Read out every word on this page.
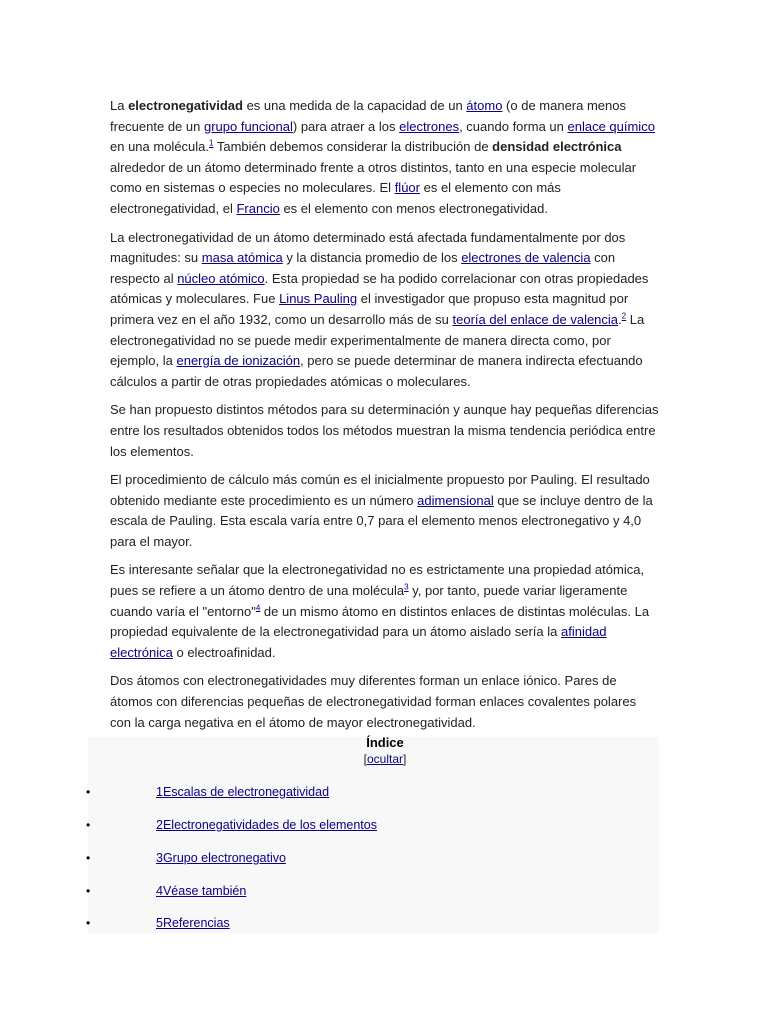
La electronegatividad es una medida de la capacidad de un átomo (o de manera menos frecuente de un grupo funcional) para atraer a los electrones, cuando forma un enlace químico en una molécula.$^1$ También debemos considerar la distribución de densidad electrónica alrededor de un átomo determinado frente a otros distintos, tanto en una especie molecular como en sistemas o especies no moleculares. El flúor es el elemento con más electronegatividad, el Francio es el elemento con menos electronegatividad.

La electronegatividad de un átomo determinado está afectada fundamentalmente por dos magnitudes: su masa atómica y la distancia promedio de los electrones de valencia con respecto al núcleo atómico. Esta propiedad se ha podido correlacionar con otras propiedades atómicas y moleculares. Fue Linus Pauling el investigador que propuso esta magnitud por primera vez en el año 1932, como un desarrollo más de su teoría del enlace de valencia.$^2$ La electronegatividad no se puede medir experimentalmente de manera directa como, por ejemplo, la energía de ionización, pero se puede determinar de manera indirecta efectuando cálculos a partir de otras propiedades atómicas o moleculares.

Se han propuesto distintos métodos para su determinación y aunque hay pequeñas diferencias entre los resultados obtenidos todos los métodos muestran la misma tendencia periódica entre los elementos.

El procedimiento de cálculo más común es el inicialmente propuesto por Pauling. El resultado obtenido mediante este procedimiento es un número adimensional que se incluye dentro de la escala de Pauling. Esta escala varía entre 0,7 para el elemento menos electronegativo y 4,0 para el mayor.

Es interesante señalar que la electronegatividad no es estrictamente una propiedad atómica, pues se refiere a un átomo dentro de una molécula$^3$ y, por tanto, puede variar ligeramente cuando varía el "entorno"$^4$ de un mismo átomo en distintos enlaces de distintas moléculas. La propiedad equivalente de la electronegatividad para un átomo aislado sería la afinidad electrónica o electroafinidad.

Dos átomos con electronegatividades muy diferentes forman un enlace iónico. Pares de átomos con diferencias pequeñas de electronegatividad forman enlaces covalentes polares con la carga negativa en el átomo de mayor electronegatividad.

Índice
[ocultar]
•	1Escalas de electronegatividad
•	2Electronegatividades de los elementos
•	3Grupo electronegativo
•	4Véase también
•	5Referencias
